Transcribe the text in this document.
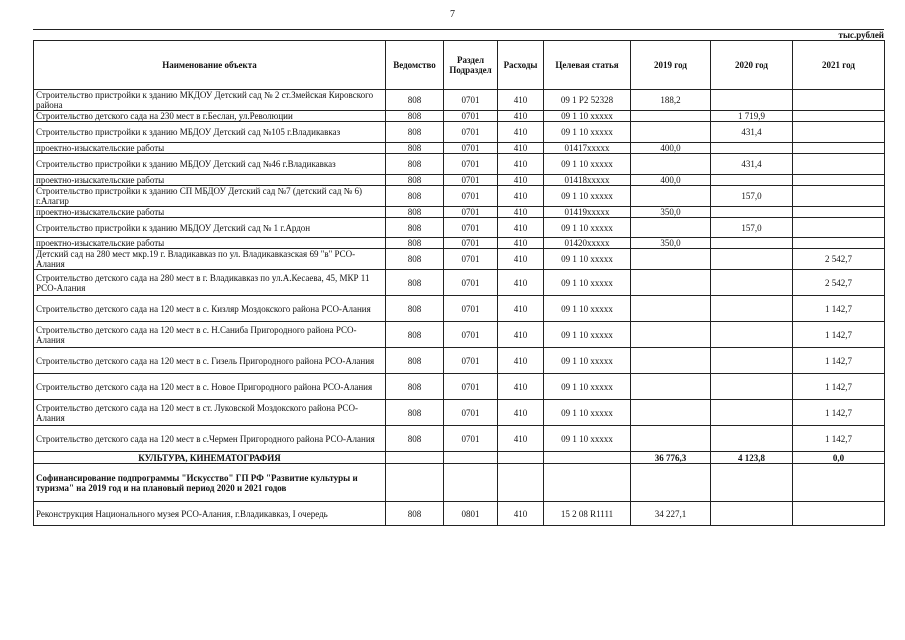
7
тыс.рублей
Наименование объекта	Ведомство	Раздел Подраздел	Расходы	Целевая статья	2019 год	2020 год	2021 год
Строительство пристройки к зданию МКДОУ Детский сад № 2 ст.Змейская Кировского района	808	0701	410	09 1 Р2 52328	188,2		
Строительство детского сада на 230 мест в г.Беслан, ул.Революции	808	0701	410	09 1 10 ххххх		1 719,9	
Строительство пристройки к зданию МБДОУ Детский сад №105 г.Владикавказ	808	0701	410	09 1 10 ххххх		431,4	
проектно-изыскательские работы	808	0701	410	01417ххххх	400,0		
Строительство пристройки к зданию МБДОУ Детский сад №46 г.Владикавказ	808	0701	410	09 1 10 ххххх		431,4	
проектно-изыскательские работы	808	0701	410	01418ххххх	400,0		
Строительство пристройки к зданию СП МБДОУ Детский сад №7 (детский сад № 6) г.Алагир	808	0701	410	09 1 10 ххххх		157,0	
проектно-изыскательские работы	808	0701	410	01419ххххх	350,0		
Строительство пристройки к зданию МБДОУ Детский сад № 1 г.Ардон	808	0701	410	09 1 10 ххххх		157,0	
проектно-изыскательские работы	808	0701	410	01420ххххх	350,0		
Детский сад на 280 мест мкр.19 г. Владикавказ по ул. Владикавказская 69 "в" РСО-Алания	808	0701	410	09 1 10 ххххх			2 542,7
Строительство детского сада на 280 мест в г. Владикавказ по ул.А.Кесаева, 45, МКР 11 РСО-Алания	808	0701	410	09 1 10 ххххх			2 542,7
Строительство детского сада на 120 мест в с. Кизляр Моздокского района РСО-Алания	808	0701	410	09 1 10 ххххх			1 142,7
Строительство детского сада на 120 мест в с. Н.Саниба Пригородного района РСО-Алания	808	0701	410	09 1 10 ххххх			1 142,7
Строительство детского сада на 120 мест в с. Гизель Пригородного района РСО-Алания	808	0701	410	09 1 10 ххххх			1 142,7
Строительство детского сада на 120 мест в с. Новое Пригородного района РСО-Алания	808	0701	410	09 1 10 ххххх			1 142,7
Строительство детского сада на 120 мест в ст. Луковской Моздокского района РСО-Алания	808	0701	410	09 1 10 ххххх			1 142,7
Строительство детского сада на 120 мест в с.Чермен Пригородного района РСО-Алания	808	0701	410	09 1 10 ххххх			1 142,7
КУЛЬТУРА, КИНЕМАТОГРАФИЯ					36 776,3	4 123,8	0,0
Софинансирование подпрограммы "Искусство" ГП РФ "Развитие культуры и туризма" на 2019 год и на плановый период 2020 и 2021 годов							
Реконструкция Национального музея РСО-Алания, г.Владикавказ, I очередь	808	0801	410	15 2 08 R1111	34 227,1		
